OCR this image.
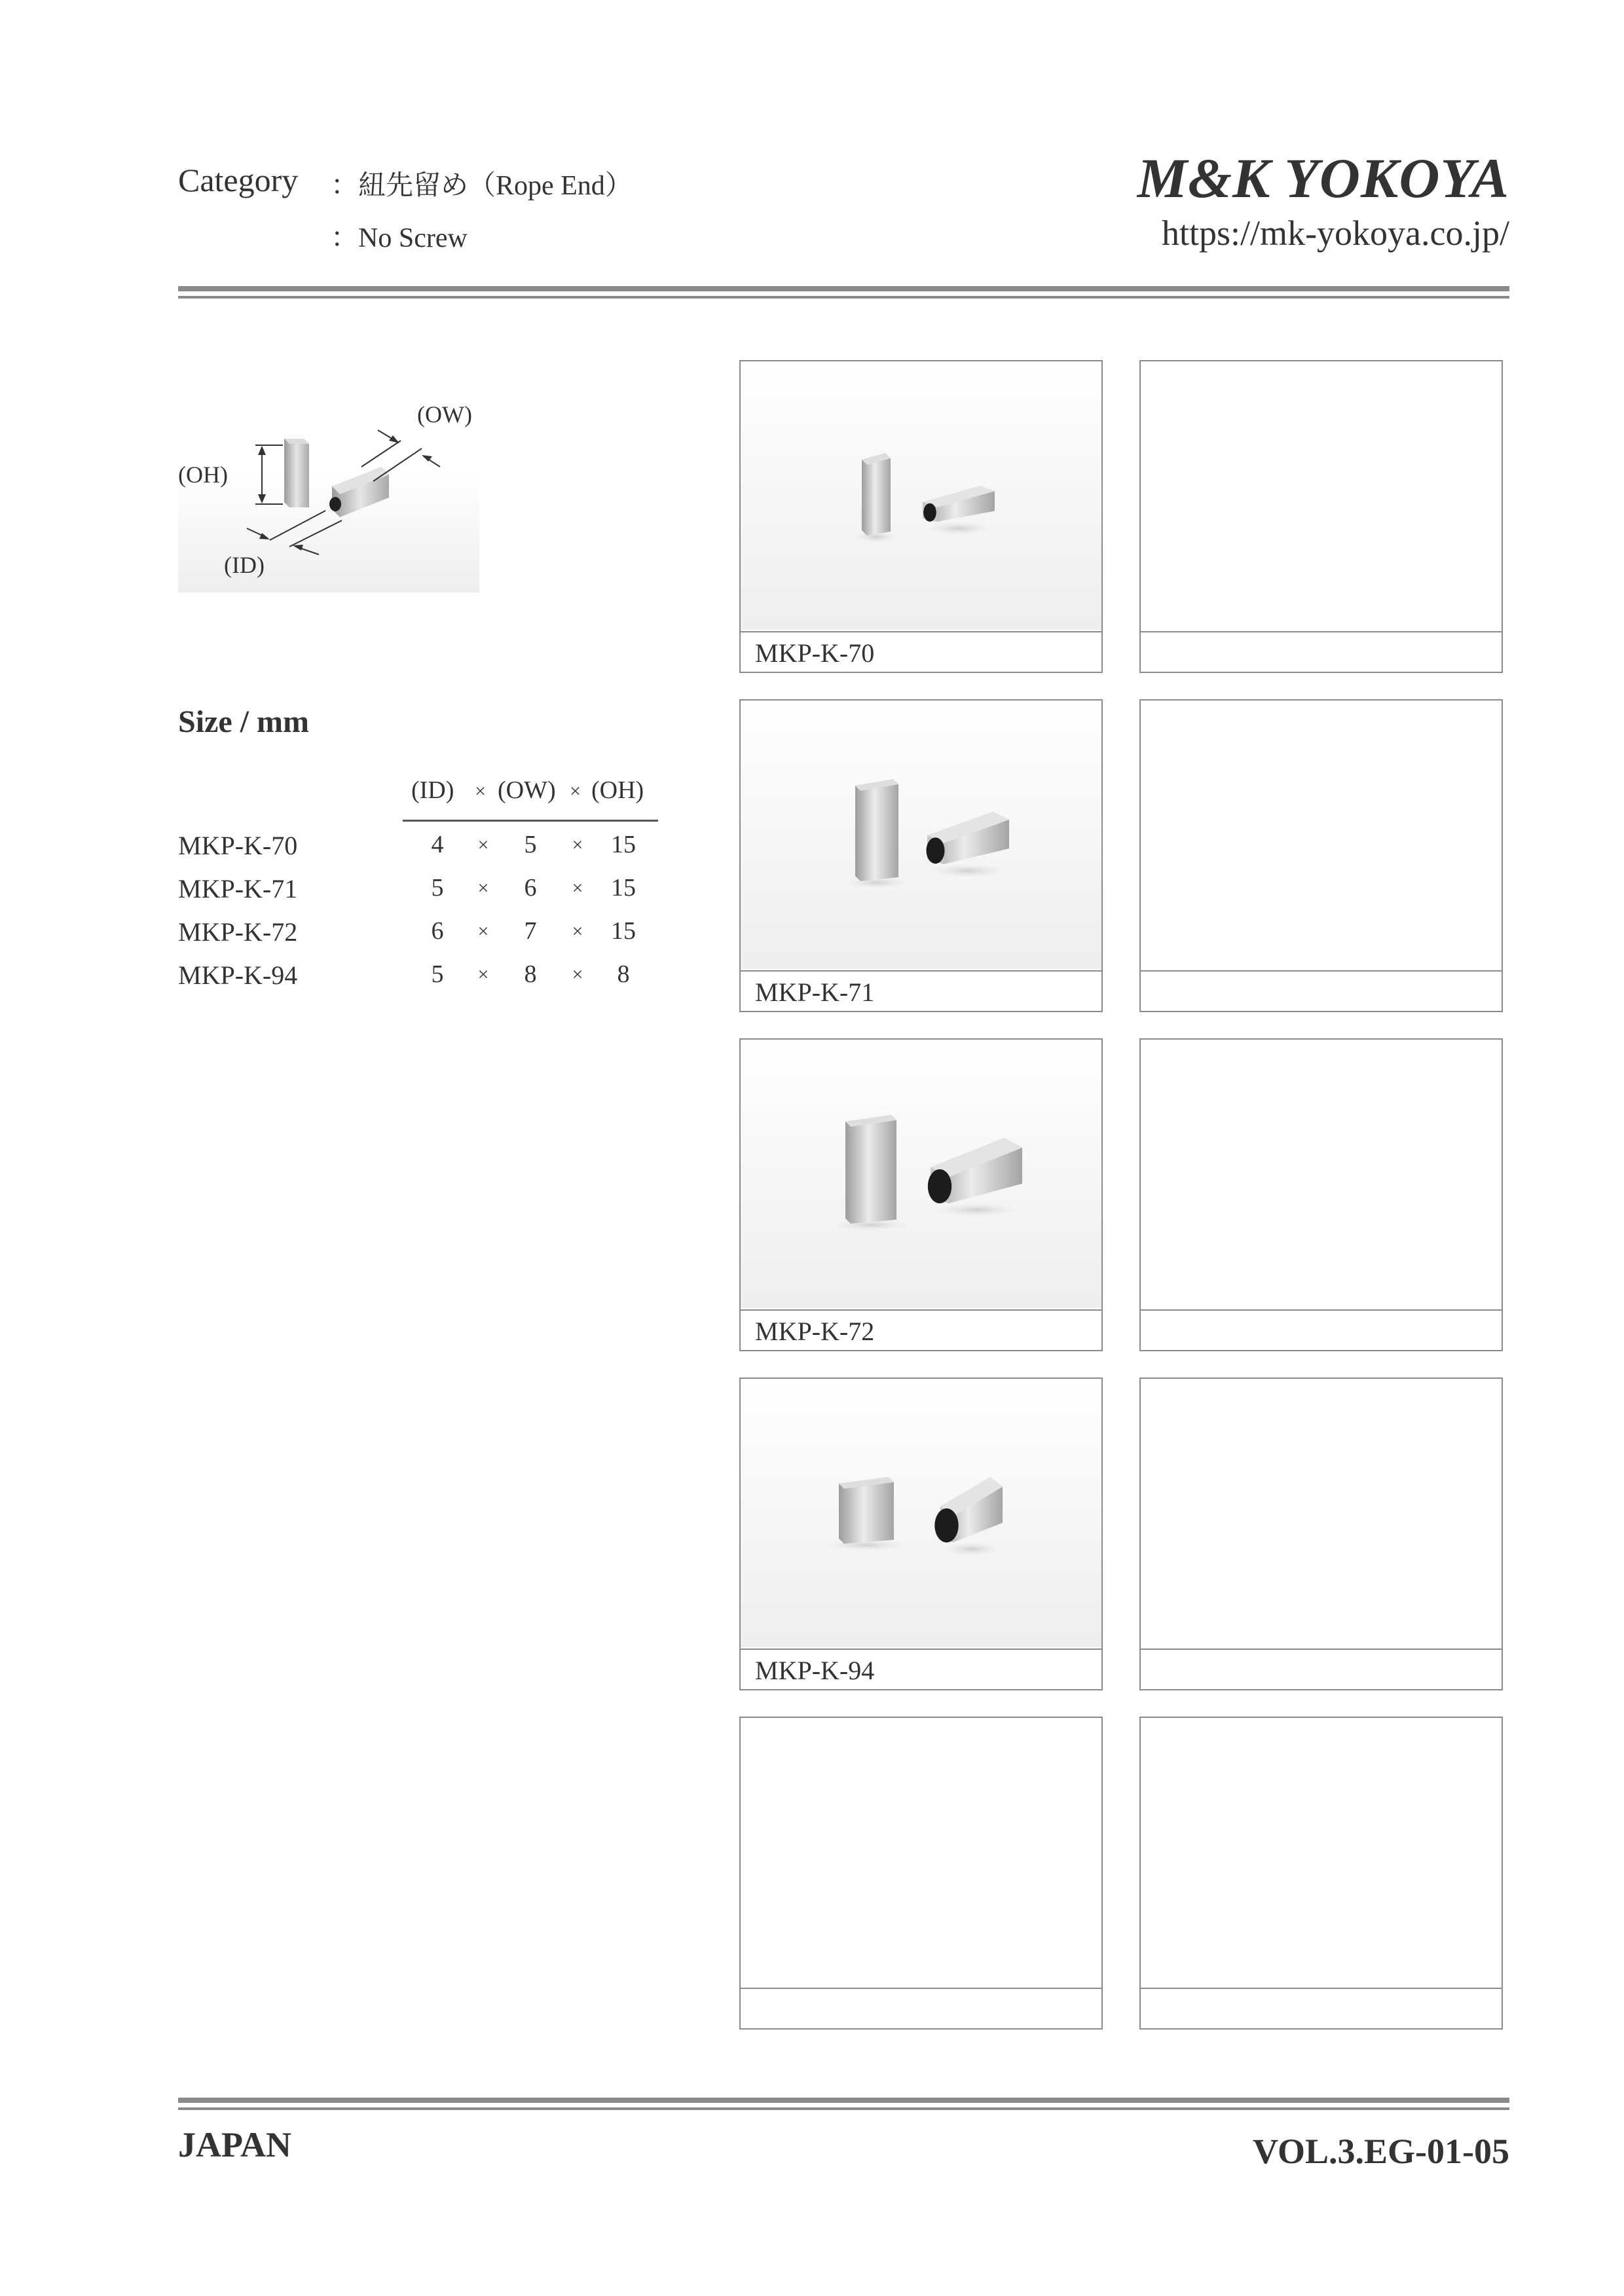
Category ：紐先留め（Rope End）
：No Screw
M&K YOKOYA
https://mk-yokoya.co.jp/
(OH)
(OW)
(ID)
Size / mm
(ID) × (OW) × (OH)
MKP-K-70	4	×	5	×	15
MKP-K-71	5	×	6	×	15
MKP-K-72	6	×	7	×	15
MKP-K-94	5	×	8	×	8
MKP-K-70
MKP-K-71
MKP-K-72
MKP-K-94
JAPAN	VOL.3.EG-01-05
